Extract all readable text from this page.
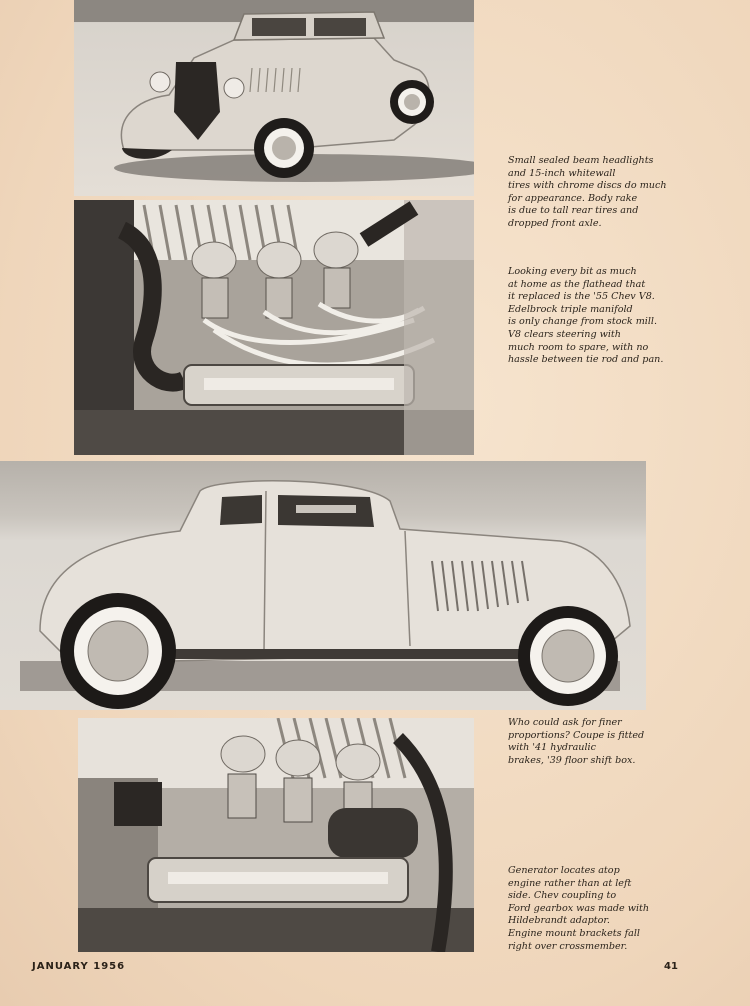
Small sealed beam headlights
and 15-inch whitewall
tires with chrome discs do much
for appearance. Body rake
is due to tall rear tires and
dropped front axle.
Looking every bit as much
at home as the flathead that
it replaced is the '55 Chev V8.
Edelbrock triple manifold
is only change from stock mill.
V8 clears steering with
much room to spare, with no
hassle between tie rod and pan.
Who could ask for finer
proportions? Coupe is fitted
with '41 hydraulic
brakes, '39 floor shift box.
Generator locates atop
engine rather than at left
side. Chev coupling to
Ford gearbox was made with
Hildebrandt adaptor.
Engine mount brackets fall
right over crossmember.
JANUARY 1956	41
